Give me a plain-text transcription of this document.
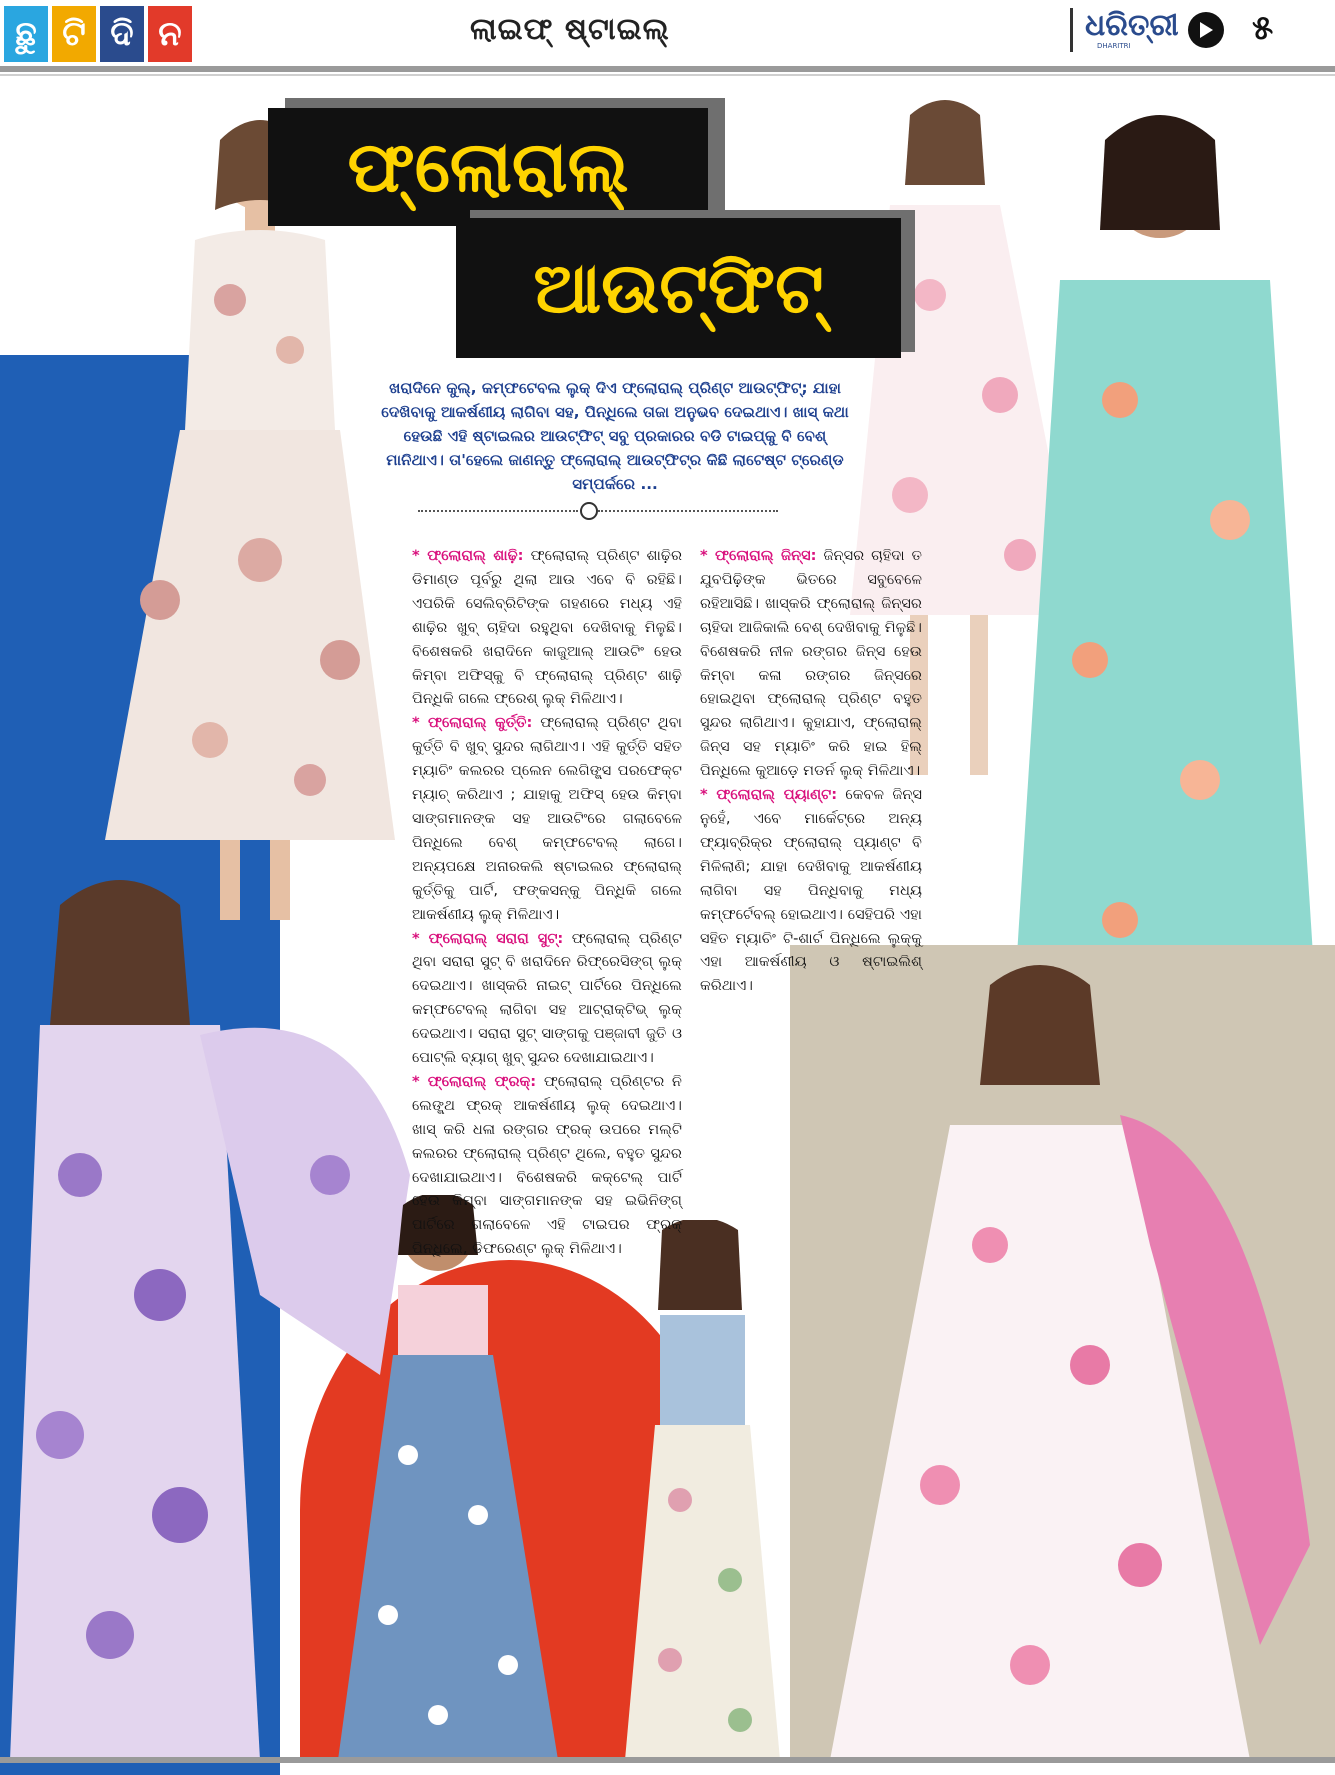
ଛୁ ଟି ଦି ନ	ଲାଇଫ୍ ଷ୍ଟାଇଲ୍	ଧରିତ୍ରୀ
DHARITRI	୫
ଫ୍ଲୋରାଲ୍
ଆଉଟ୍‌ଫିଟ୍
ଖରାଦିନେ କୁଲ୍, କମ୍ଫଟେବଲ ଲୁକ୍ ଦିଏ ଫ୍ଲୋରାଲ୍ ପ୍ରିଣ୍ଟ ଆଉଟ୍‌ଫିଟ୍; ଯାହା ଦେଖିବାକୁ ଆକର୍ଷଣୀୟ ଲାଗିବା ସହ, ପିନ୍ଧିଲେ ତାଜା ଅନୁଭବ ଦେଇଥାଏ। ଖାସ୍ କଥା ହେଉଛି ଏହି ଷ୍ଟାଇଲର ଆଉଟ୍‌ଫିଟ୍ ସବୁ ପ୍ରକାରର ବଡି ଟାଇପ୍‌କୁ ବି ବେଶ୍ ମାନିଥାଏ। ତା'ହେଲେ ଜାଣନ୍ତୁ ଫ୍ଲୋରାଲ୍ ଆଉଟ୍‌ଫିଟ୍‌ର କିଛି ଲାଟେଷ୍ଟ ଟ୍ରେଣ୍ଡ ସମ୍ପର୍କରେ ...

* ଫ୍ଲୋରାଲ୍ ଶାଢ଼ି: ଫ୍ଲୋରାଲ୍ ପ୍ରିଣ୍ଟ ଶାଢ଼ିର ଡିମାଣ୍ଡ ପୂର୍ବରୁ ଥିଲା ଆଉ ଏବେ ବି ରହିଛି। ଏପରିକି ସେଲିବ୍ରିଟିଙ୍କ ଗହଣରେ ମଧ୍ୟ ଏହି ଶାଢ଼ିର ଖୁବ୍ ଚାହିଦା ରହୁଥିବା ଦେଖିବାକୁ ମିଳୁଛି। ବିଶେଷକରି ଖରାଦିନେ କାଜୁଆଲ୍ ଆଉଟିଂ ହେଉ କିମ୍ବା ଅଫିସ୍‌କୁ ବି ଫ୍ଲୋରାଲ୍ ପ୍ରିଣ୍ଟ ଶାଢ଼ି ପିନ୍ଧିକି ଗଲେ ଫ୍ରେଶ୍ ଲୁକ୍ ମିଳିଥାଏ।

* ଫ୍ଲୋରାଲ୍ କୁର୍ତ୍ତି: ଫ୍ଲୋରାଲ୍ ପ୍ରିଣ୍ଟ ଥିବା କୁର୍ତ୍ତି ବି ଖୁବ୍ ସୁନ୍ଦର ଲାଗିଥାଏ। ଏହି କୁର୍ତ୍ତି ସହିତ ମ୍ୟାଚିଂ କଲରର ପ୍ଲେନ ଲେଗିଙ୍ଗ୍ସ ପରଫେକ୍ଟ ମ୍ୟାଚ୍ କରିଥାଏ ; ଯାହାକୁ ଅଫିସ୍ ହେଉ କିମ୍ବା ସାଙ୍ଗମାନଙ୍କ ସହ ଆଉଟିଂରେ ଗଲାବେଳେ ପିନ୍ଧିଲେ ବେଶ୍ କମ୍ଫଟେବଲ୍ ଲାଗେ। ଅନ୍ୟପକ୍ଷେ ଅନାରକଲି ଷ୍ଟାଇଲର ଫ୍ଲୋରାଲ୍ କୁର୍ତ୍ତିକୁ ପାର୍ଟି, ଫଙ୍କସନ୍‌କୁ ପିନ୍ଧିକି ଗଲେ ଆକର୍ଷଣୀୟ ଲୁକ୍ ମିଳିଥାଏ।

* ଫ୍ଲୋରାଲ୍ ସରାରା ସୁଟ୍: ଫ୍ଲୋରାଲ୍ ପ୍ରିଣ୍ଟ ଥିବା ସରାରା ସୁଟ୍ ବି ଖରାଦିନେ ରିଫ୍ରେସିଙ୍ଗ୍ ଲୁକ୍ ଦେଇଥାଏ। ଖାସ୍‌କରି ନାଇଟ୍ ପାର୍ଟିରେ ପିନ୍ଧିଲେ କମ୍ଫଟେବଲ୍ ଲାଗିବା ସହ ଆଟ୍ରାକ୍ଟିଭ୍ ଲୁକ୍ ଦେଇଥାଏ। ସରାରା ସୁଟ୍ ସାଙ୍ଗକୁ ପଞ୍ଜାବୀ ଜୁତି ଓ ପୋଟ୍ଲି ବ୍ୟାଗ୍ ଖୁବ୍ ସୁନ୍ଦର ଦେଖାଯାଇଥାଏ।

* ଫ୍ଲୋରାଲ୍ ଫ୍ରକ୍: ଫ୍ଲୋରାଲ୍ ପ୍ରିଣ୍ଟର ନି ଲେଙ୍ଗ୍ଥ ଫ୍ରକ୍ ଆକର୍ଷଣୀୟ ଲୁକ୍ ଦେଇଥାଏ। ଖାସ୍ କରି ଧଳା ରଙ୍ଗର ଫ୍ରକ୍ ଉପରେ ମଲ୍ଟି କଲରର ଫ୍ଲୋରାଲ୍ ପ୍ରିଣ୍ଟ ଥିଲେ, ବହୁତ ସୁନ୍ଦର ଦେଖାଯାଇଥାଏ। ବିଶେଷକରି କକ୍‌ଟେଲ୍ ପାର୍ଟି ହେଉ କିମ୍ବା ସାଙ୍ଗମାନଙ୍କ ସହ ଇଭିନିଙ୍ଗ୍ ପାର୍ଟିରେ ଗଲାବେଳେ ଏହି ଟାଇପର ଫ୍ରକ୍ ପିନ୍ଧିଲେ, ଡିଫରେଣ୍ଟ ଲୁକ୍ ମିଳିଥାଏ।

* ଫ୍ଲୋରାଲ୍ ଜିନ୍ସ: ଜିନ୍ସର ଚାହିଦା ତ ଯୁବପିଢ଼ିଙ୍କ ଭିତରେ ସବୁବେଳେ ରହିଆସିଛି। ଖାସ୍‌କରି ଫ୍ଲୋରାଲ୍ ଜିନ୍ସର ଚାହିଦା ଆଜିକାଲି ବେଶ୍ ଦେଖିବାକୁ ମିଳୁଛି। ବିଶେଷକରି ନୀଳ ରଙ୍ଗର ଜିନ୍ସ ହେଉ କିମ୍ବା କଳା ରଙ୍ଗର ଜିନ୍ସରେ ହୋଇଥିବା ଫ୍ଲୋରାଲ୍ ପ୍ରିଣ୍ଟ ବହୁତ ସୁନ୍ଦର ଲାଗିଥାଏ। କୁହାଯାଏ, ଫ୍ଲୋରାଲ୍ ଜିନ୍ସ ସହ ମ୍ୟାଚିଂ କରି ହାଇ ହିଲ୍ ପିନ୍ଧିଲେ କୁଆଡ଼େ ମଡର୍ନ ଲୁକ୍ ମିଳିଥାଏ।

* ଫ୍ଲୋରାଲ୍ ପ୍ୟାଣ୍ଟ: କେବଳ ଜିନ୍ସ ନୁହେଁ, ଏବେ ମାର୍କେଟ୍‌ରେ ଅନ୍ୟ ଫ୍ୟାବ୍ରିକ୍‌ର ଫ୍ଲୋରାଲ୍ ପ୍ୟାଣ୍ଟ ବି ମିଳିଲାଣି; ଯାହା ଦେଖିବାକୁ ଆକର୍ଷଣୀୟ ଲାଗିବା ସହ ପିନ୍ଧିବାକୁ ମଧ୍ୟ କମ୍ଫର୍ଟେବଲ୍ ହୋଇଥାଏ। ସେହିପରି ଏହା ସହିତ ମ୍ୟାଚିଂ ଟି-ଶାର୍ଟ ପିନ୍ଧିଲେ ଲୁକ୍‌କୁ ଏହା ଆକର୍ଷଣୀୟ ଓ ଷ୍ଟାଇଲିଶ୍ କରିଥାଏ।
